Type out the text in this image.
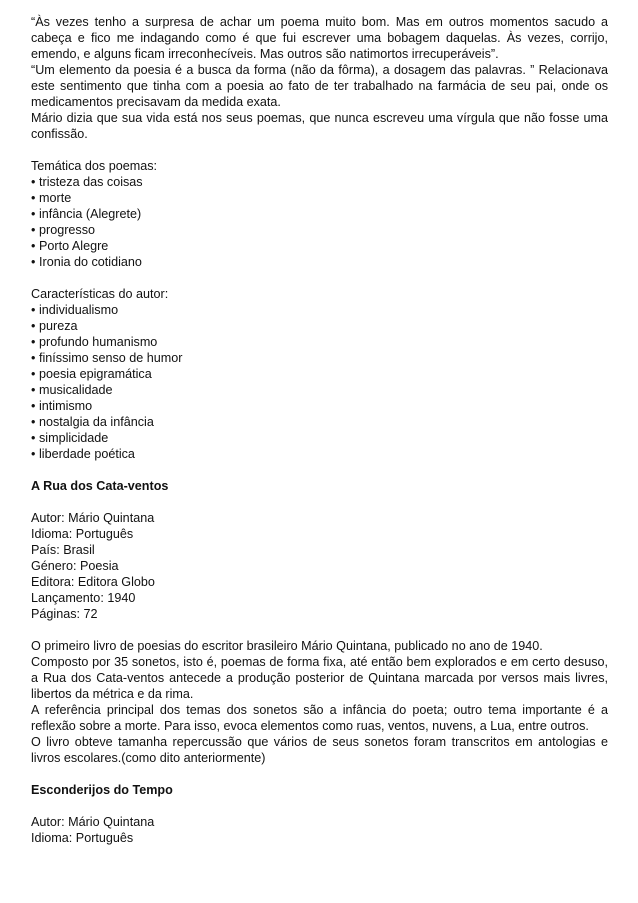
“Às vezes tenho a surpresa de achar um poema muito bom. Mas em outros momentos sacudo a cabeça e fico me indagando como é que fui escrever uma bobagem daquelas. Às vezes, corrijo, emendo, e alguns ficam irreconhecíveis. Mas outros são natimortos irrecuperáveis”.

“Um elemento da poesia é a busca da forma (não da fôrma), a dosagem das palavras. ” Relacionava este sentimento que tinha com a poesia ao fato de ter trabalhado na farmácia de seu pai, onde os medicamentos precisavam da medida exata.

Mário dizia que sua vida está nos seus poemas, que nunca escreveu uma vírgula que não fosse uma confissão.

Temática dos poemas:

• tristeza das coisas
• morte
• infância (Alegrete)
• progresso
• Porto Alegre
• Ironia do cotidiano

Características do autor:

• individualismo
• pureza
• profundo humanismo
• finíssimo senso de humor
• poesia epigramática
• musicalidade
• intimismo
• nostalgia da infância
• simplicidade
• liberdade poética

A Rua dos Cata-ventos

Autor: Mário Quintana

Idioma: Português

País: Brasil

Género: Poesia

Editora: Editora Globo

Lançamento: 1940

Páginas: 72

O primeiro livro de poesias do escritor brasileiro Mário Quintana, publicado no ano de 1940.

Composto por 35 sonetos, isto é, poemas de forma fixa, até então bem explorados e em certo desuso, a Rua dos Cata-ventos antecede a produção posterior de Quintana marcada por versos mais livres, libertos da métrica e da rima.

A referência principal dos temas dos sonetos são a infância do poeta; outro tema importante é a reflexão sobre a morte. Para isso, evoca elementos como ruas, ventos, nuvens, a Lua, entre outros.

O livro obteve tamanha repercussão que vários de seus sonetos foram transcritos em antologias e livros escolares.(como dito anteriormente)

Esconderijos do Tempo

Autor: Mário Quintana

Idioma: Português
